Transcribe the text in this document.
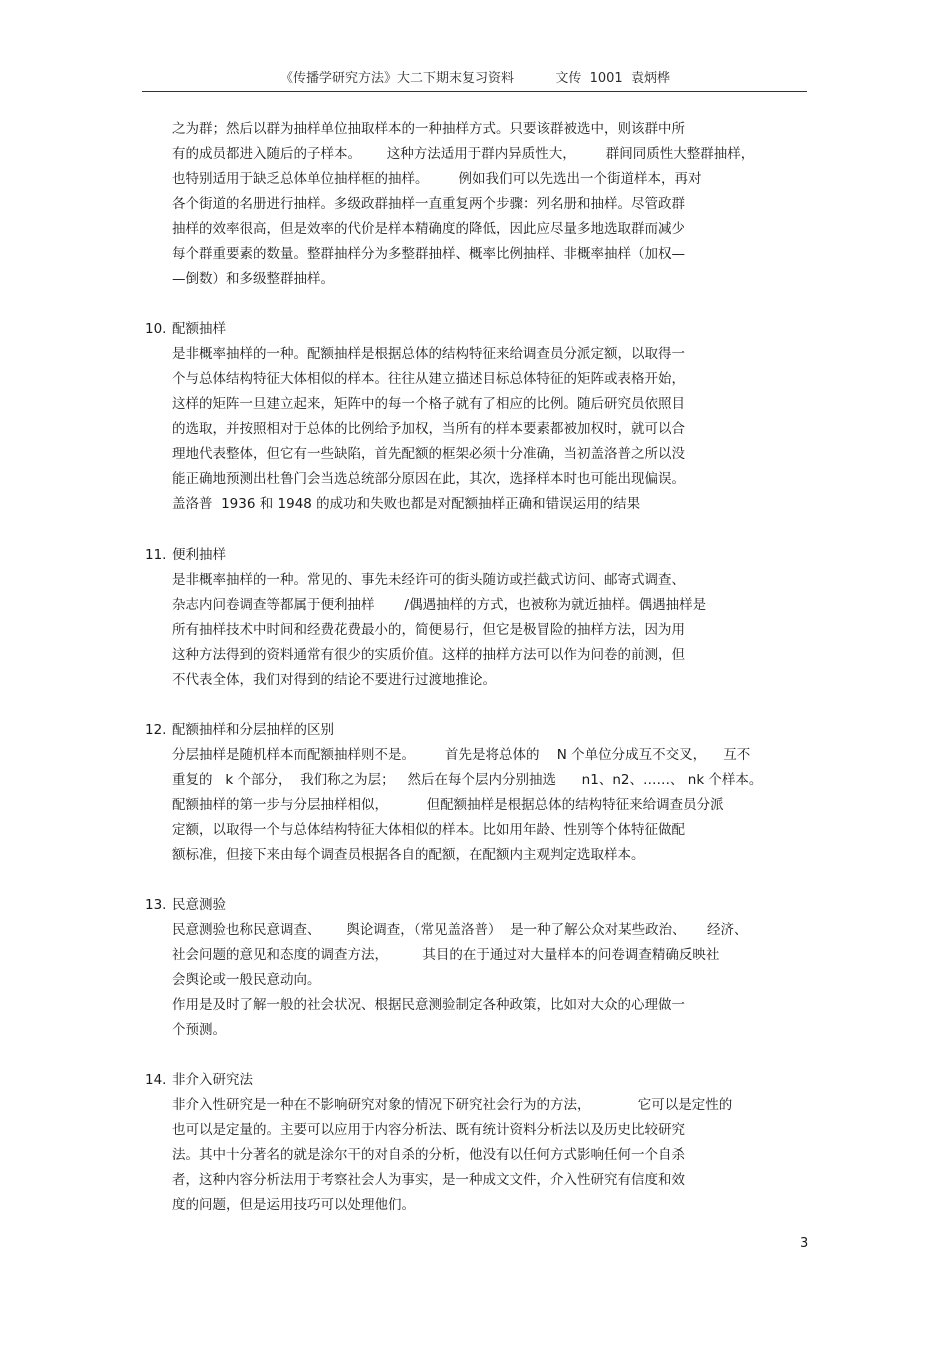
《传播学研究方法》大二下期末复习资料          文传  1001  袁炳桦
之为群；然后以群为抽样单位抽取样本的一种抽样方式。只要该群被选中，则该群中所
有的成员都进入随后的子样本。      这种方法适用于群内异质性大，       群间同质性大整群抽样，
也特别适用于缺乏总体单位抽样框的抽样。       例如我们可以先选出一个街道样本，再对
各个街道的名册进行抽样。多级政群抽样一直重复两个步骤：列名册和抽样。尽管政群
抽样的效率很高，但是效率的代价是样本精确度的降低，因此应尽量多地选取群而减少
每个群重要素的数量。整群抽样分为多整群抽样、概率比例抽样、非概率抽样（加权—
—倒数）和多级整群抽样。
10. 配额抽样
是非概率抽样的一种。配额抽样是根据总体的结构特征来给调查员分派定额，以取得一
个与总体结构特征大体相似的样本。往往从建立描述目标总体特征的矩阵或表格开始，
这样的矩阵一旦建立起来，矩阵中的每一个格子就有了相应的比例。随后研究员依照目
的选取，并按照相对于总体的比例给予加权，当所有的样本要素都被加权时，就可以合
理地代表整体，但它有一些缺陷，首先配额的框架必须十分准确，当初盖洛普之所以没
能正确地预测出杜鲁门会当选总统部分原因在此，其次，选择样本时也可能出现偏误。
盖洛普  1936 和 1948 的成功和失败也都是对配额抽样正确和错误运用的结果
11. 便利抽样
是非概率抽样的一种。常见的、事先未经许可的街头随访或拦截式访问、邮寄式调查、
杂志内问卷调查等都属于便利抽样       /偶遇抽样的方式，也被称为就近抽样。偶遇抽样是
所有抽样技术中时间和经费花费最小的，简便易行，但它是极冒险的抽样方法，因为用
这种方法得到的资料通常有很少的实质价值。这样的抽样方法可以作为问卷的前测，但
不代表全体，我们对得到的结论不要进行过渡地推论。
12. 配额抽样和分层抽样的区别
分层抽样是随机样本而配额抽样则不是。       首先是将总体的    N 个单位分成互不交叉，    互不
重复的   k 个部分，  我们称之为层；   然后在每个层内分别抽选      n1、n2、……、 nk 个样本。
配额抽样的第一步与分层抽样相似，         但配额抽样是根据总体的结构特征来给调查员分派
定额，以取得一个与总体结构特征大体相似的样本。比如用年龄、性别等个体特征做配
额标准，但接下来由每个调查员根据各自的配额，在配额内主观判定选取样本。
13. 民意测验
民意测验也称民意调查、      舆论调查，（常见盖洛普）  是一种了解公众对某些政治、     经济、
社会问题的意见和态度的调查方法，        其目的在于通过对大量样本的问卷调查精确反映社
会舆论或一般民意动向。
作用是及时了解一般的社会状况、根据民意测验制定各种政策，比如对大众的心理做一
个预测。
14. 非介入研究法
非介入性研究是一种在不影响研究对象的情况下研究社会行为的方法，           它可以是定性的
也可以是定量的。主要可以应用于内容分析法、既有统计资料分析法以及历史比较研究
法。其中十分著名的就是涂尔干的对自杀的分析，他没有以任何方式影响任何一个自杀
者，这种内容分析法用于考察社会人为事实，是一种成文文件，介入性研究有信度和效
度的问题，但是运用技巧可以处理他们。
3
